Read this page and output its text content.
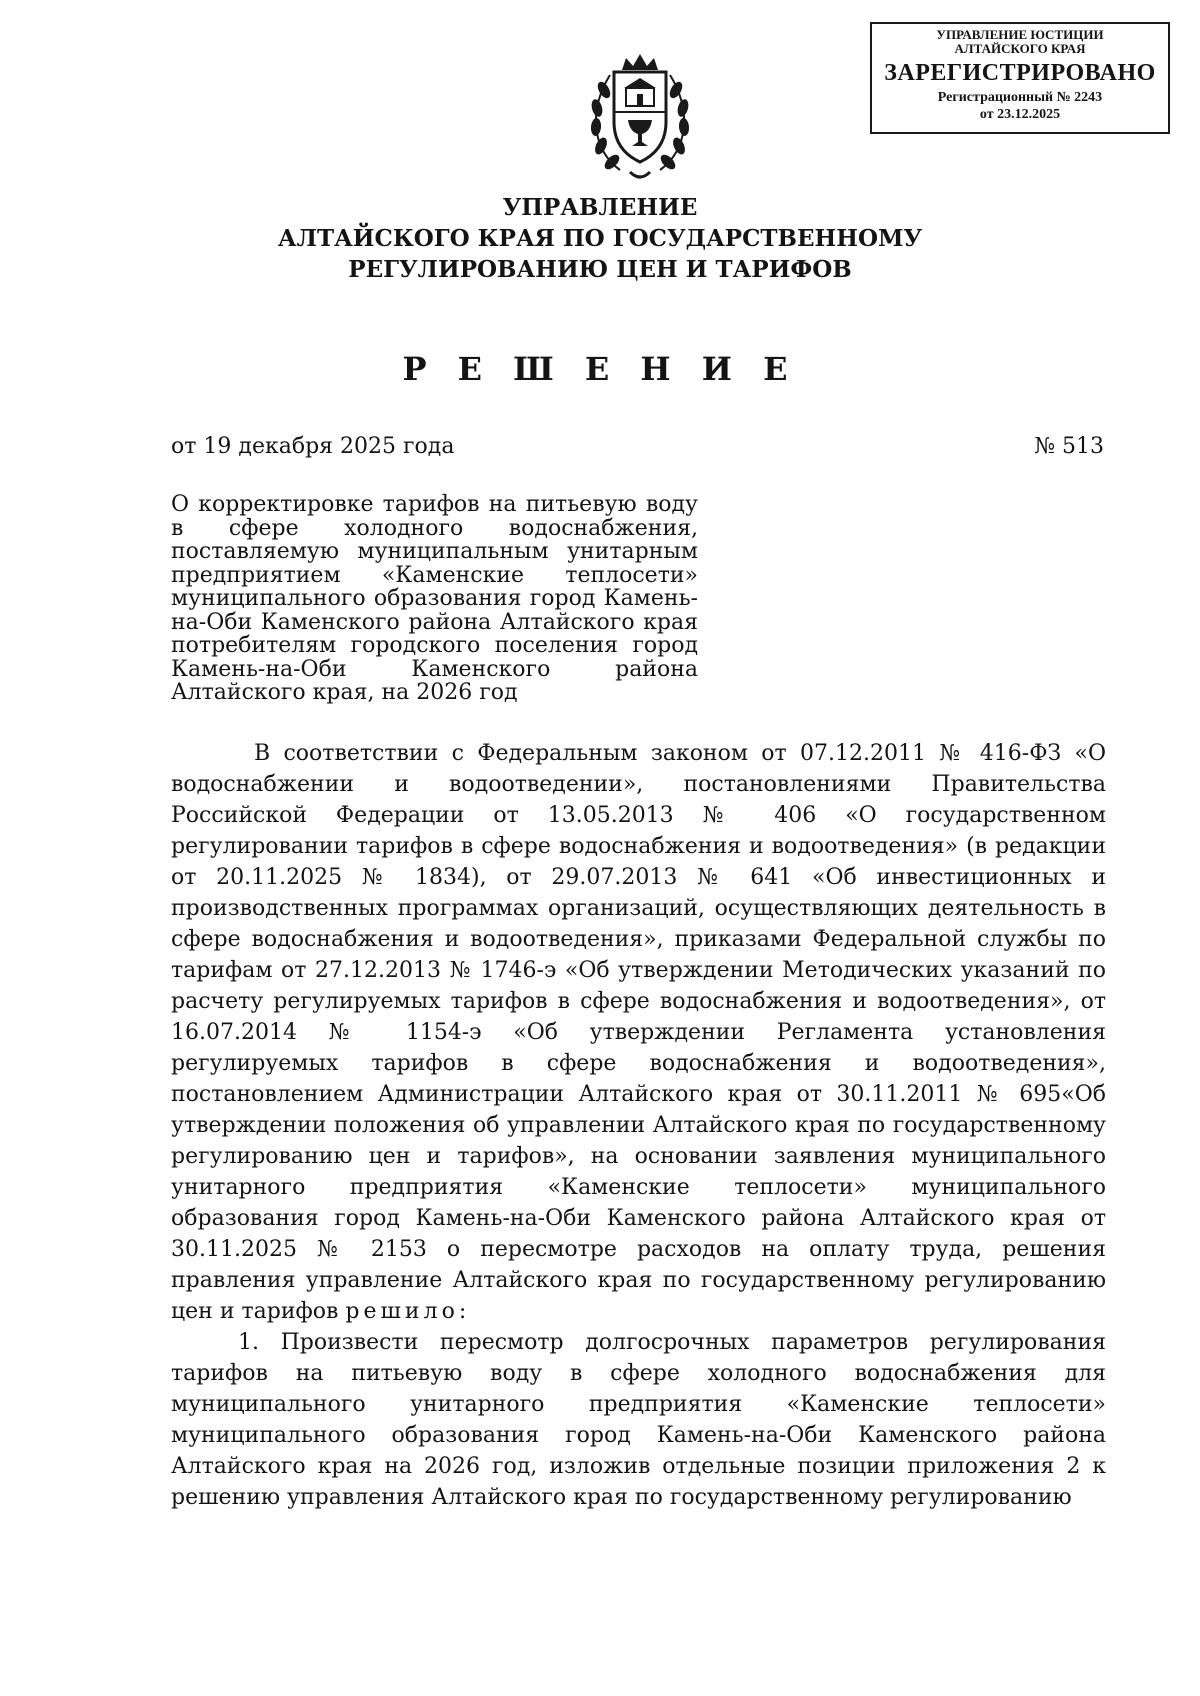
УПРАВЛЕНИЕ ЮСТИЦИИ
АЛТАЙСКОГО КРАЯ
ЗАРЕГИСТРИРОВАНО
Регистрационный № 2243
от 23.12.2025
УПРАВЛЕНИЕ
АЛТАЙСКОГО КРАЯ ПО ГОСУДАРСТВЕННОМУ
РЕГУЛИРОВАНИЮ ЦЕН И ТАРИФОВ
Р Е Ш Е Н И Е
от 19 декабря 2025 года	№ 513
О корректировке тарифов на питьевую воду в сфере холодного водоснабжения, поставляемую муниципальным унитарным предприятием «Каменские теплосети» муниципального образования город Камень-на-Оби Каменского района Алтайского края потребителям городского поселения город Камень-на-Оби Каменского района Алтайского края, на 2026 год

В соответствии с Федеральным законом от 07.12.2011 № 416-ФЗ «О водоснабжении и водоотведении», постановлениями Правительства Российской Федерации от 13.05.2013 № 406 «О государственном регулировании тарифов в сфере водоснабжения и водоотведения» (в редакции от 20.11.2025 № 1834), от 29.07.2013 № 641 «Об инвестиционных и производственных программах организаций, осуществляющих деятельность в сфере водоснабжения и водоотведения», приказами Федеральной службы по тарифам от 27.12.2013 № 1746-э «Об утверждении Методических указаний по расчету регулируемых тарифов в сфере водоснабжения и водоотведения», от 16.07.2014 № 1154-э «Об утверждении Регламента установления регулируемых тарифов в сфере водоснабжения и водоотведения», постановлением Администрации Алтайского края от 30.11.2011 № 695«Об утверждении положения об управлении Алтайского края по государственному регулированию цен и тарифов», на основании заявления муниципального унитарного предприятия «Каменские теплосети» муниципального образования город Камень-на-Оби Каменского района Алтайского края от 30.11.2025 № 2153 о пересмотре расходов на оплату труда, решения правления управление Алтайского края по государственному регулированию цен и тарифов решило:

1. Произвести пересмотр долгосрочных параметров регулирования тарифов на питьевую воду в сфере холодного водоснабжения для муниципального унитарного предприятия «Каменские теплосети» муниципального образования город Камень-на-Оби Каменского района Алтайского края на 2026 год, изложив отдельные позиции приложения 2 к решению управления Алтайского края по государственному регулированию
